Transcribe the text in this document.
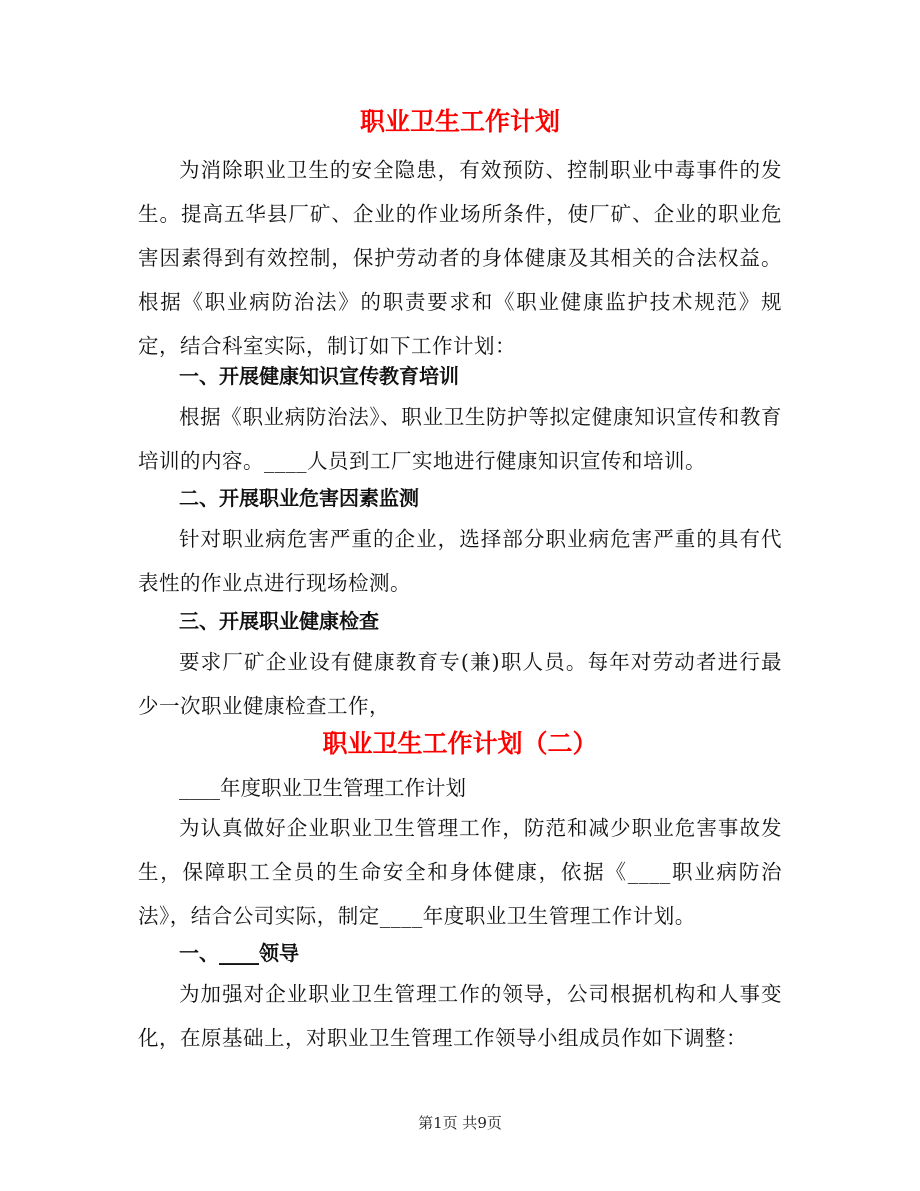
职业卫生工作计划
为消除职业卫生的安全隐患，有效预防、控制职业中毒事件的发生。提高五华县厂矿、企业的作业场所条件，使厂矿、企业的职业危害因素得到有效控制，保护劳动者的身体健康及其相关的合法权益。根据《职业病防治法》的职责要求和《职业健康监护技术规范》规定，结合科室实际，制订如下工作计划：
一、开展健康知识宣传教育培训
根据《职业病防治法》、职业卫生防护等拟定健康知识宣传和教育培训的内容。____人员到工厂实地进行健康知识宣传和培训。
二、开展职业危害因素监测
针对职业病危害严重的企业，选择部分职业病危害严重的具有代表性的作业点进行现场检测。
三、开展职业健康检查
要求厂矿企业设有健康教育专(兼)职人员。每年对劳动者进行最少一次职业健康检查工作，
职业卫生工作计划（二）
____年度职业卫生管理工作计划
为认真做好企业职业卫生管理工作，防范和减少职业危害事故发生，保障职工全员的生命安全和身体健康，依据《____职业病防治法》，结合公司实际，制定____年度职业卫生管理工作计划。
一、____领导
为加强对企业职业卫生管理工作的领导，公司根据机构和人事变化，在原基础上，对职业卫生管理工作领导小组成员作如下调整：
第1页 共9页
